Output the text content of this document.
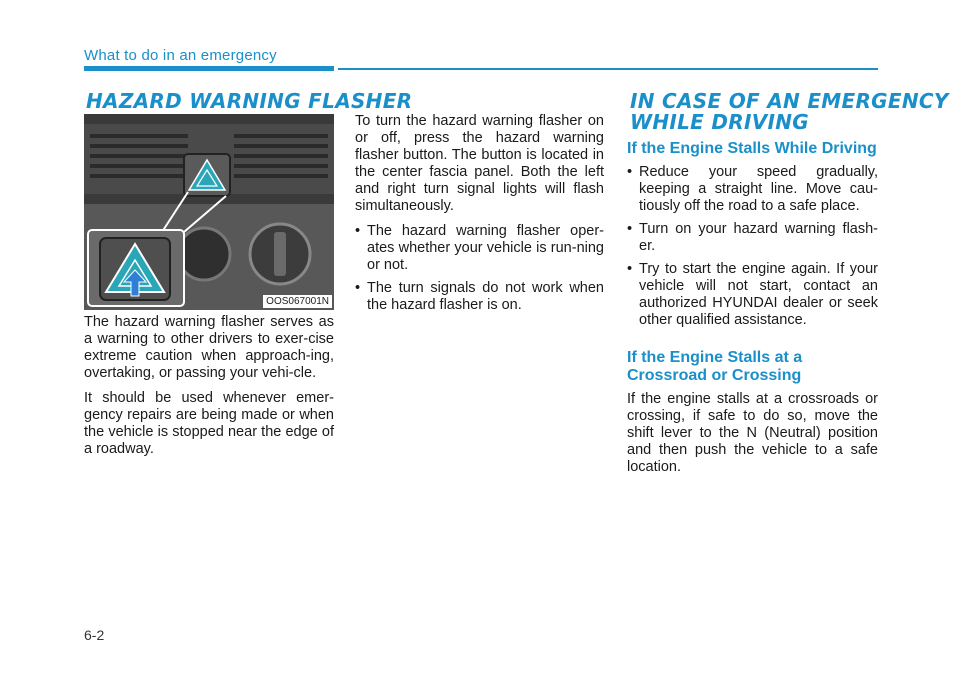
What to do in an emergency
HAZARD WARNING FLASHER
OOS067001N

The hazard warning flasher serves as a warning to other drivers to exer-cise extreme caution when approach-ing, overtaking, or passing your vehi-cle.

It should be used whenever emer-gency repairs are being made or when the vehicle is stopped near the edge of a roadway.

To turn the hazard warning flasher on or off, press the hazard warning flasher button. The button is located in the center fascia panel. Both the left and right turn signal lights will flash simultaneously.

• The hazard warning flasher oper-ates whether your vehicle is run-ning or not.
• The turn signals do not work when the hazard flasher is on.
IN CASE OF AN EMERGENCY
WHILE DRIVING
If the Engine Stalls While Driving
• Reduce your speed gradually, keeping a straight line. Move cau-tiously off the road to a safe place.
• Turn on your hazard warning flash-er.
• Try to start the engine again. If your vehicle will not start, contact an authorized HYUNDAI dealer or seek other qualified assistance.
If the Engine Stalls at a Crossroad or Crossing

If the engine stalls at a crossroads or crossing, if safe to do so, move the shift lever to the N (Neutral) position and then push the vehicle to a safe location.

6-2
